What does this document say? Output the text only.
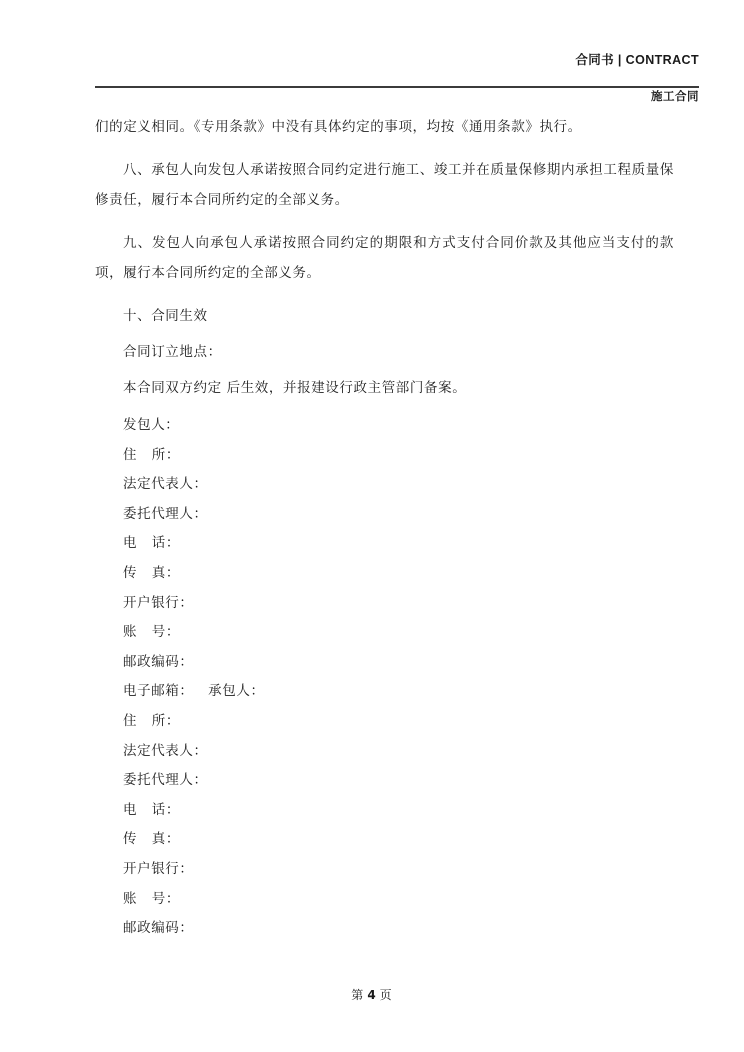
合同书 | CONTRACT
施工合同

们的定义相同。《专用条款》中没有具体约定的事项，均按《通用条款》执行。

八、承包人向发包人承诺按照合同约定进行施工、竣工并在质量保修期内承担工程质量保修责任，履行本合同所约定的全部义务。

九、发包人向承包人承诺按照合同约定的期限和方式支付合同价款及其他应当支付的款项，履行本合同所约定的全部义务。

十、合同生效

合同订立地点：

本合同双方约定 后生效，并报建设行政主管部门备案。

发包人：
住   所：
法定代表人：
委托代理人：
电   话：
传   真：
开户银行：
账   号：
邮政编码：
电子邮箱：   承包人：
住   所：
法定代表人：
委托代理人：
电   话：
传   真：
开户银行：
账   号：
邮政编码：
第 4 页
